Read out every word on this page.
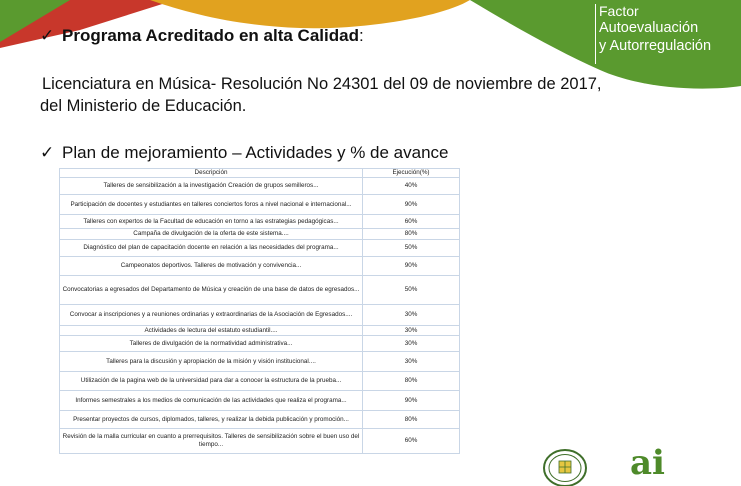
Factor
Autoevaluación
y Autorregulación
✓ Programa Acreditado en alta Calidad:
Licenciatura en Música- Resolución No 24301 del 09 de noviembre de 2017,
del Ministerio de Educación.
✓ Plan de mejoramiento – Actividades y % de avance
Descripción	Ejecución(%)
Talleres de sensibilización a la investigación Creación de grupos semilleros...	40%
Participación de docentes y estudiantes en talleres conciertos foros a nivel nacional e internacional...	90%
Talleres con expertos de la Facultad de educación en torno a las estrategias pedagógicas...	60%
Campaña de divulgación de la oferta de este sistema....	80%
Diagnóstico del plan de capacitación docente en relación a las necesidades del programa...	50%
Campeonatos deportivos. Talleres de motivación y convivencia...	90%
Convocatorias a egresados del Departamento de Música y creación de una base de datos de egresados...	50%
Convocar a inscripciones y a reuniones ordinarias y extraordinarias de la Asociación de Egresados....	30%
Actividades de lectura del estatuto estudiantil....	30%
Talleres de divulgación de la normatividad administrativa...	30%
Talleres para la discusión y apropiación de la misión y visión institucional....	30%
Utilización de la pagina web de la universidad para dar a conocer la estructura de la prueba...	80%
Informes semestrales a los medios de comunicación de las actividades que realiza el programa...	90%
Presentar proyectos de cursos, diplomados, talleres, y realizar la debida publicación y promoción...	80%
Revisión de la malla curricular en cuanto a prerrequisitos. Talleres de sensibilización sobre el buen uso del tiempo...	60%
ai
